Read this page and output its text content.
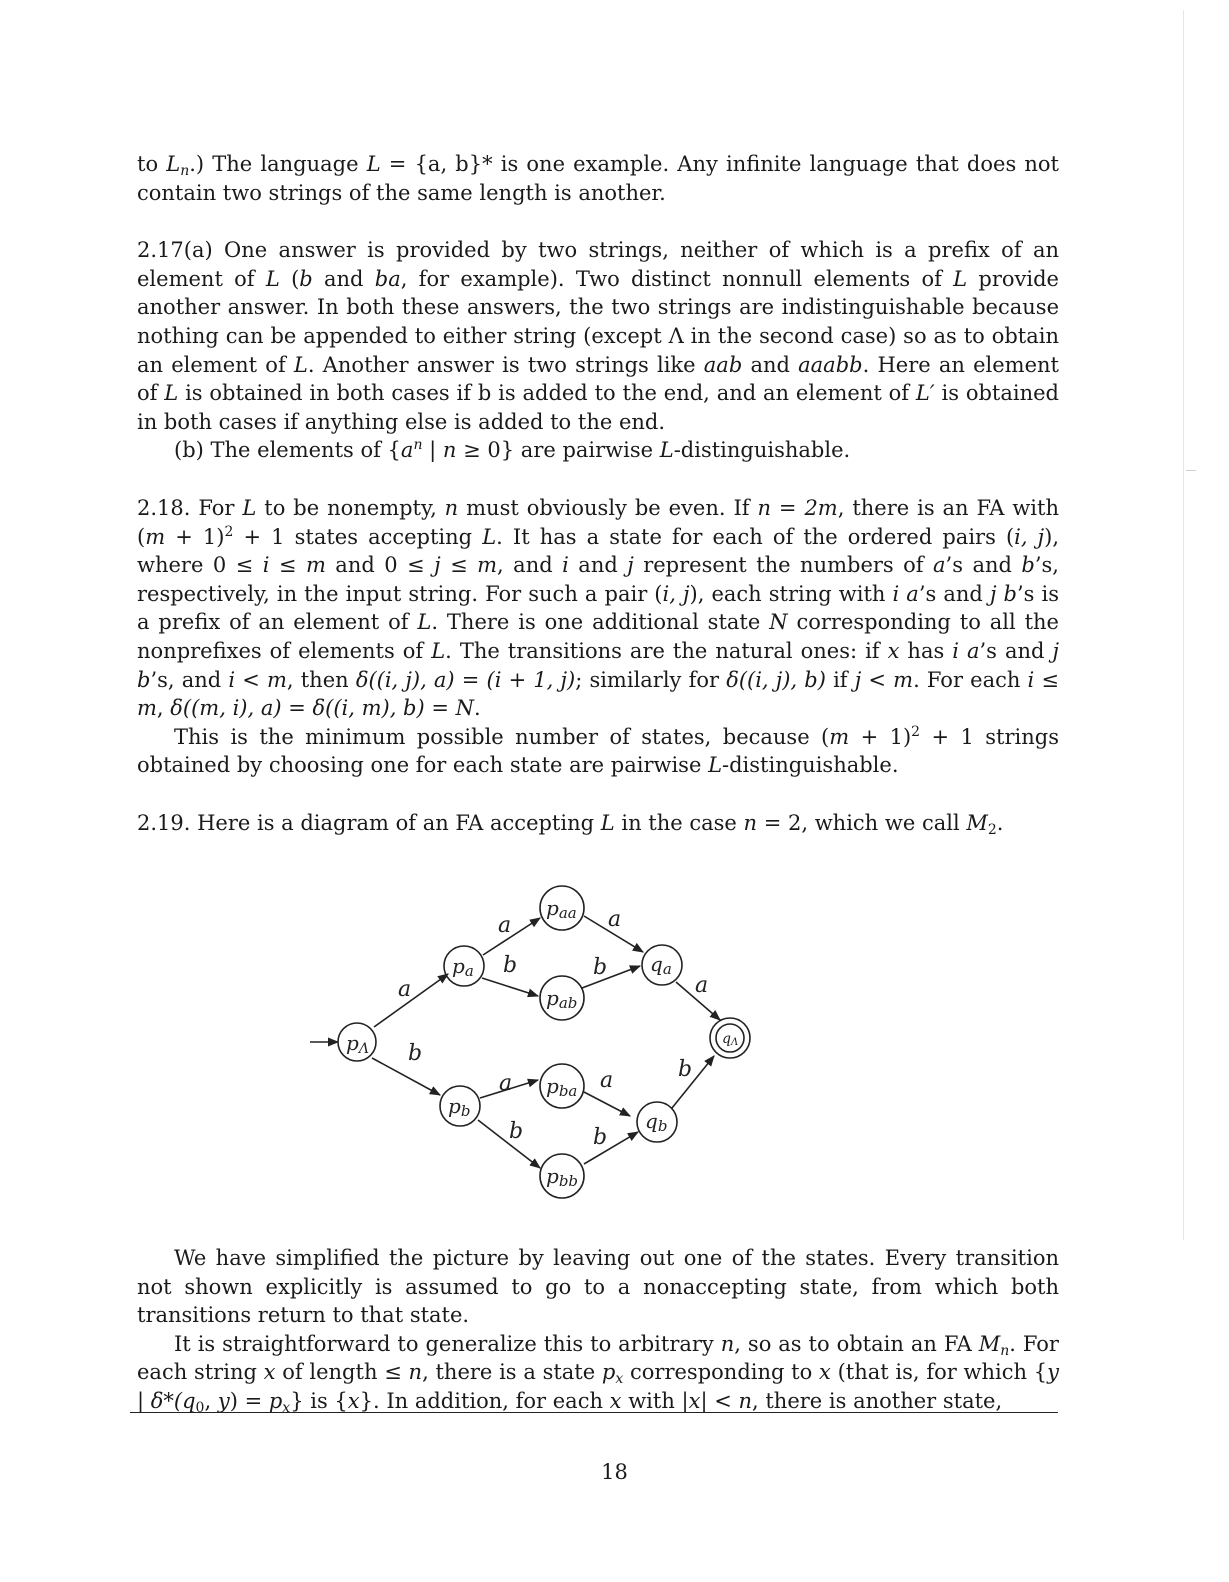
to $L_n$.) The language L = {a, b}* is one example. Any infinite language that does not contain two strings of the same length is another.

2.17(a) One answer is provided by two strings, neither of which is a prefix of an element of L (b and ba, for example). Two distinct nonnull elements of L provide another answer. In both these answers, the two strings are indistinguishable because nothing can be appended to either string (except Λ in the second case) so as to obtain an element of L. Another answer is two strings like aab and aaabb. Here an element of L is obtained in both cases if b is added to the end, and an element of L′ is obtained in both cases if anything else is added to the end.

(b) The elements of {$a^n$ | n ≥ 0} are pairwise L-distinguishable.

2.18. For L to be nonempty, n must obviously be even. If n = 2m, there is an FA with $(m + 1)^2 + 1$ states accepting L. It has a state for each of the ordered pairs (i, j), where 0 ≤ i ≤ m and 0 ≤ j ≤ m, and i and j represent the numbers of a’s and b’s, respectively, in the input string. For such a pair (i, j), each string with i a’s and j b’s is a prefix of an element of L. There is one additional state N corresponding to all the nonprefixes of elements of L. The transitions are the natural ones: if x has i a’s and j b’s, and i < m, then δ((i, j), a) = (i + 1, j); similarly for δ((i, j), b) if j < m. For each i ≤ m, δ((m, i), a) = δ((i, m), b) = N.

This is the minimum possible number of states, because $(m + 1)^2 + 1$ strings obtained by choosing one for each state are pairwise L-distinguishable.

2.19. Here is a diagram of an FA accepting L in the case n = 2, which we call $M_2$.

pΛ
pa
paa
pab
qa
qΛ
pb
pba
pbb
qb
a
b
a
b
a
b
a
a
b
a
b
b

We have simplified the picture by leaving out one of the states. Every transition not shown explicitly is assumed to go to a nonaccepting state, from which both transitions return to that state.

It is straightforward to generalize this to arbitrary n, so as to obtain an FA $M_n$. For each string x of length ≤ n, there is a state $p_x$ corresponding to x (that is, for which {y | $\delta*(q_0$, $y) = p_x$} is {x}. In addition, for each x with |x| < n, there is another state,

18
